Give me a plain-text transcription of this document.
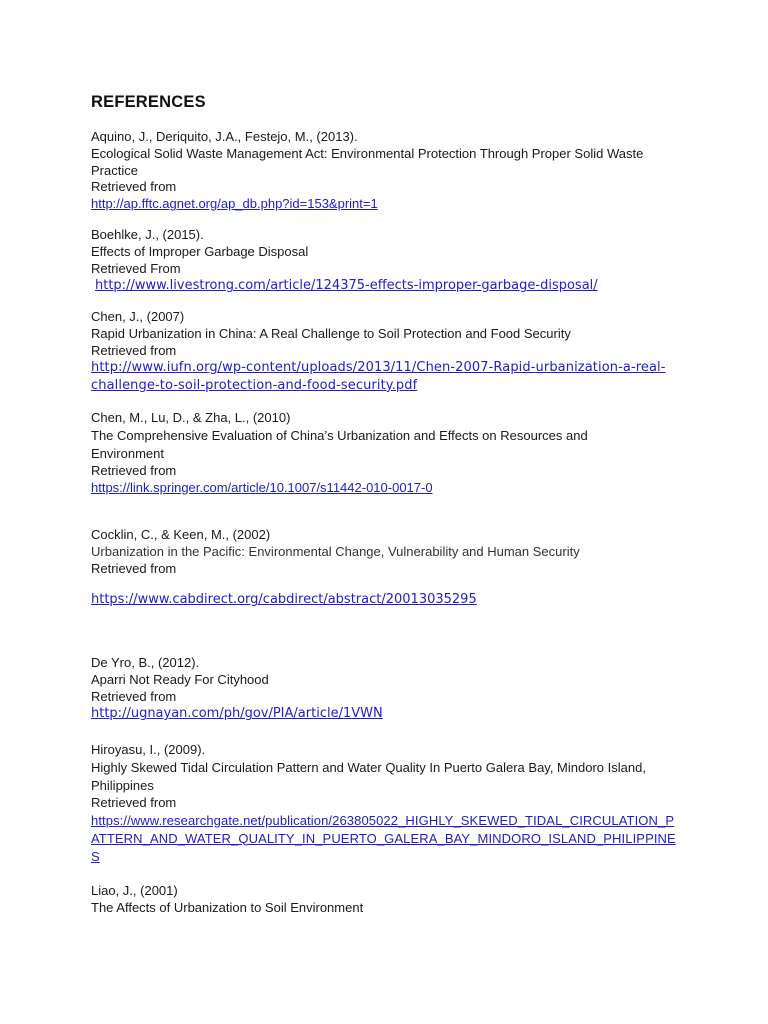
REFERENCES
Aquino, J., Deriquito, J.A., Festejo, M., (2013).
Ecological Solid Waste Management Act: Environmental Protection Through Proper Solid Waste Practice
Retrieved from
http://ap.fftc.agnet.org/ap_db.php?id=153&print=1
Boehlke, J., (2015).
Effects of Improper Garbage Disposal
Retrieved From
http://www.livestrong.com/article/124375-effects-improper-garbage-disposal/
Chen, J., (2007)
Rapid Urbanization in China: A Real Challenge to Soil Protection and Food Security
Retrieved from
http://www.iufn.org/wp-content/uploads/2013/11/Chen-2007-Rapid-urbanization-a-real-challenge-to-soil-protection-and-food-security.pdf
Chen, M., Lu, D., & Zha, L., (2010)
The Comprehensive Evaluation of China’s Urbanization and Effects on Resources and Environment
Retrieved from
https://link.springer.com/article/10.1007/s11442-010-0017-0
Cocklin, C., & Keen, M., (2002)
Urbanization in the Pacific: Environmental Change, Vulnerability and Human Security
Retrieved from
https://www.cabdirect.org/cabdirect/abstract/20013035295
De Yro, B., (2012).
Aparri Not Ready For Cityhood
Retrieved from
http://ugnayan.com/ph/gov/PIA/article/1VWN
Hiroyasu, I., (2009).
Highly Skewed Tidal Circulation Pattern and Water Quality In Puerto Galera Bay, Mindoro Island, Philippines
Retrieved from
https://www.researchgate.net/publication/263805022_HIGHLY_SKEWED_TIDAL_CIRCULATION_PATTERN_AND_WATER_QUALITY_IN_PUERTO_GALERA_BAY_MINDORO_ISLAND_PHILIPPINES
Liao, J., (2001)
The Affects of Urbanization to Soil Environment
